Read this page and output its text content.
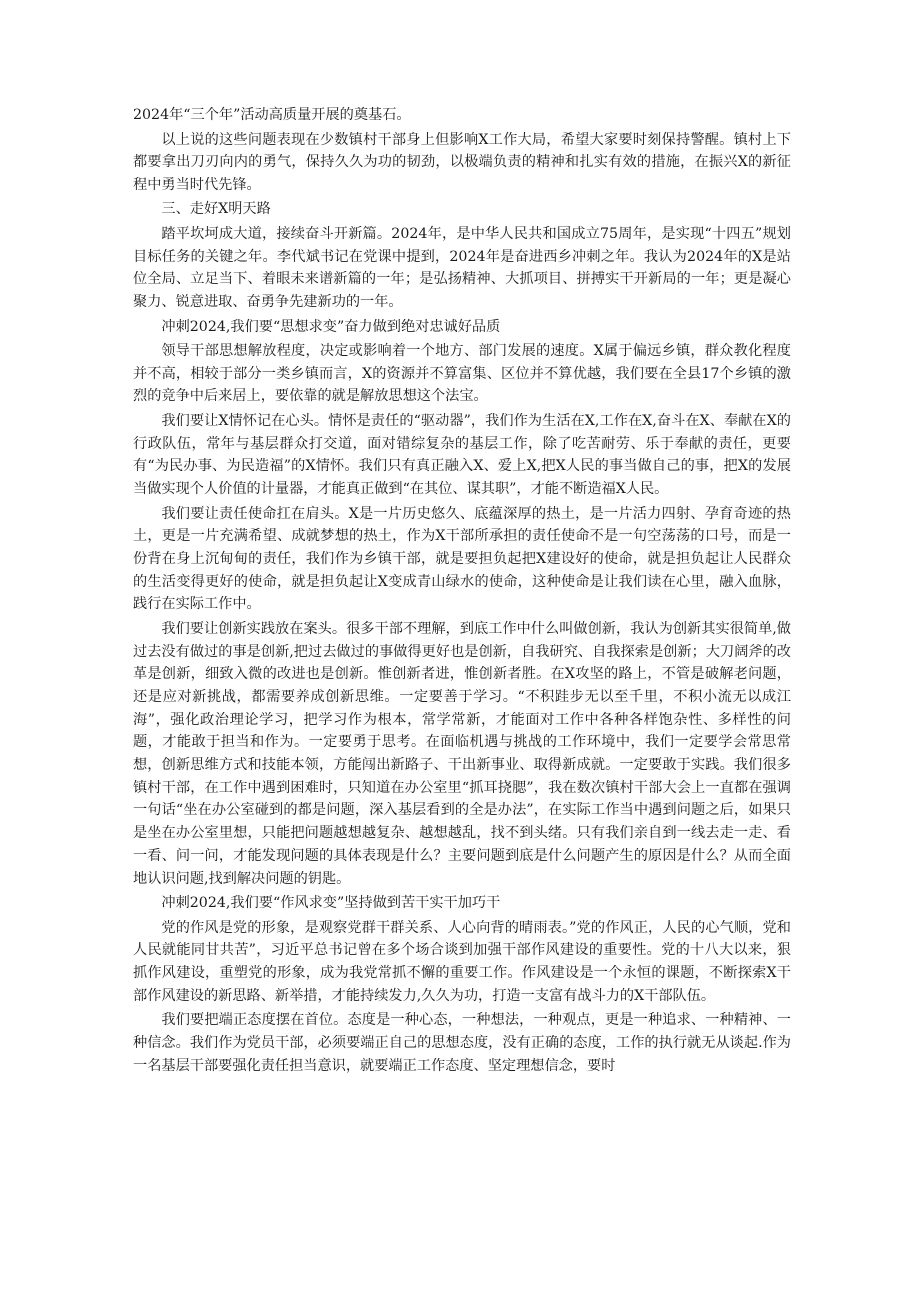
2024年“三个年”活动高质量开展的奠基石。

以上说的这些问题表现在少数镇村干部身上但影响X工作大局，希望大家要时刻保持警醒。镇村上下都要拿出刀刃向内的勇气，保持久久为功的韧劲，以极端负责的精神和扎实有效的措施，在振兴X的新征程中勇当时代先锋。

三、走好X明天路

踏平坎坷成大道，接续奋斗开新篇。2024年，是中华人民共和国成立75周年，是实现“十四五”规划目标任务的关键之年。李代斌书记在党课中提到，2024年是奋进西乡冲刺之年。我认为2024年的X是站位全局、立足当下、着眼未来谱新篇的一年；是弘扬精神、大抓项目、拼搏实干开新局的一年；更是凝心聚力、锐意进取、奋勇争先建新功的一年。

冲刺2024,我们要“思想求变”奋力做到绝对忠诚好品质

领导干部思想解放程度，决定或影响着一个地方、部门发展的速度。X属于偏远乡镇，群众教化程度并不高，相较于部分一类乡镇而言，X的资源并不算富集、区位并不算优越，我们要在全县17个乡镇的激烈的竞争中后来居上，要依靠的就是解放思想这个法宝。

我们要让X情怀记在心头。情怀是责任的“驱动器”，我们作为生活在X,工作在X,奋斗在X、奉献在X的行政队伍，常年与基层群众打交道，面对错综复杂的基层工作，除了吃苦耐劳、乐于奉献的责任，更要有“为民办事、为民造福”的X情怀。我们只有真正融入X、爱上X,把X人民的事当做自己的事，把X的发展当做实现个人价值的计量器，才能真正做到“在其位、谋其职”，才能不断造福X人民。

我们要让责任使命扛在肩头。X是一片历史悠久、底蕴深厚的热土，是一片活力四射、孕育奇迹的热土，更是一片充满希望、成就梦想的热土，作为X干部所承担的责任使命不是一句空荡荡的口号，而是一份背在身上沉甸甸的责任，我们作为乡镇干部，就是要担负起把X建设好的使命，就是担负起让人民群众的生活变得更好的使命，就是担负起让X变成青山绿水的使命，这种使命是让我们读在心里，融入血脉，践行在实际工作中。

我们要让创新实践放在案头。很多干部不理解，到底工作中什么叫做创新，我认为创新其实很简单,做过去没有做过的事是创新,把过去做过的事做得更好也是创新，自我研究、自我探索是创新；大刀阔斧的改革是创新，细致入微的改进也是创新。惟创新者进，惟创新者胜。在X攻坚的路上，不管是破解老问题，还是应对新挑战，都需要养成创新思维。一定要善于学习。“不积跬步无以至千里，不积小流无以成江海”，强化政治理论学习，把学习作为根本，常学常新，才能面对工作中各种各样饱杂性、多样性的问题，才能敢于担当和作为。一定要勇于思考。在面临机遇与挑战的工作环境中，我们一定要学会常思常想，创新思维方式和技能本领，方能闯出新路子、干出新事业、取得新成就。一定要敢于实践。我们很多镇村干部，在工作中遇到困难时，只知道在办公室里“抓耳挠腮”，我在数次镇村干部大会上一直都在强调一句话“坐在办公室碰到的都是问题，深入基层看到的全是办法”，在实际工作当中遇到问题之后，如果只是坐在办公室里想，只能把问题越想越复杂、越想越乱，找不到头绪。只有我们亲自到一线去走一走、看一看、问一问，才能发现问题的具体表现是什么？主要问题到底是什么问题产生的原因是什么？从而全面地认识问题,找到解决问题的钥匙。

冲刺2024,我们要“作风求变”坚持做到苦干实干加巧干

党的作风是党的形象，是观察党群干群关系、人心向背的晴雨表。”党的作风正，人民的心气顺，党和人民就能同甘共苦”，习近平总书记曾在多个场合谈到加强干部作风建设的重要性。党的十八大以来，狠抓作风建设，重塑党的形象，成为我党常抓不懈的重要工作。作风建设是一个永恒的课题，不断探索X干部作风建设的新思路、新举措，才能持续发力,久久为功，打造一支富有战斗力的X干部队伍。

我们要把端正态度摆在首位。态度是一种心态，一种想法，一种观点，更是一种追求、一种精神、一种信念。我们作为党员干部，必须要端正自己的思想态度，没有正确的态度，工作的执行就无从谈起.作为一名基层干部要强化责任担当意识，就要端正工作态度、坚定理想信念，要时
